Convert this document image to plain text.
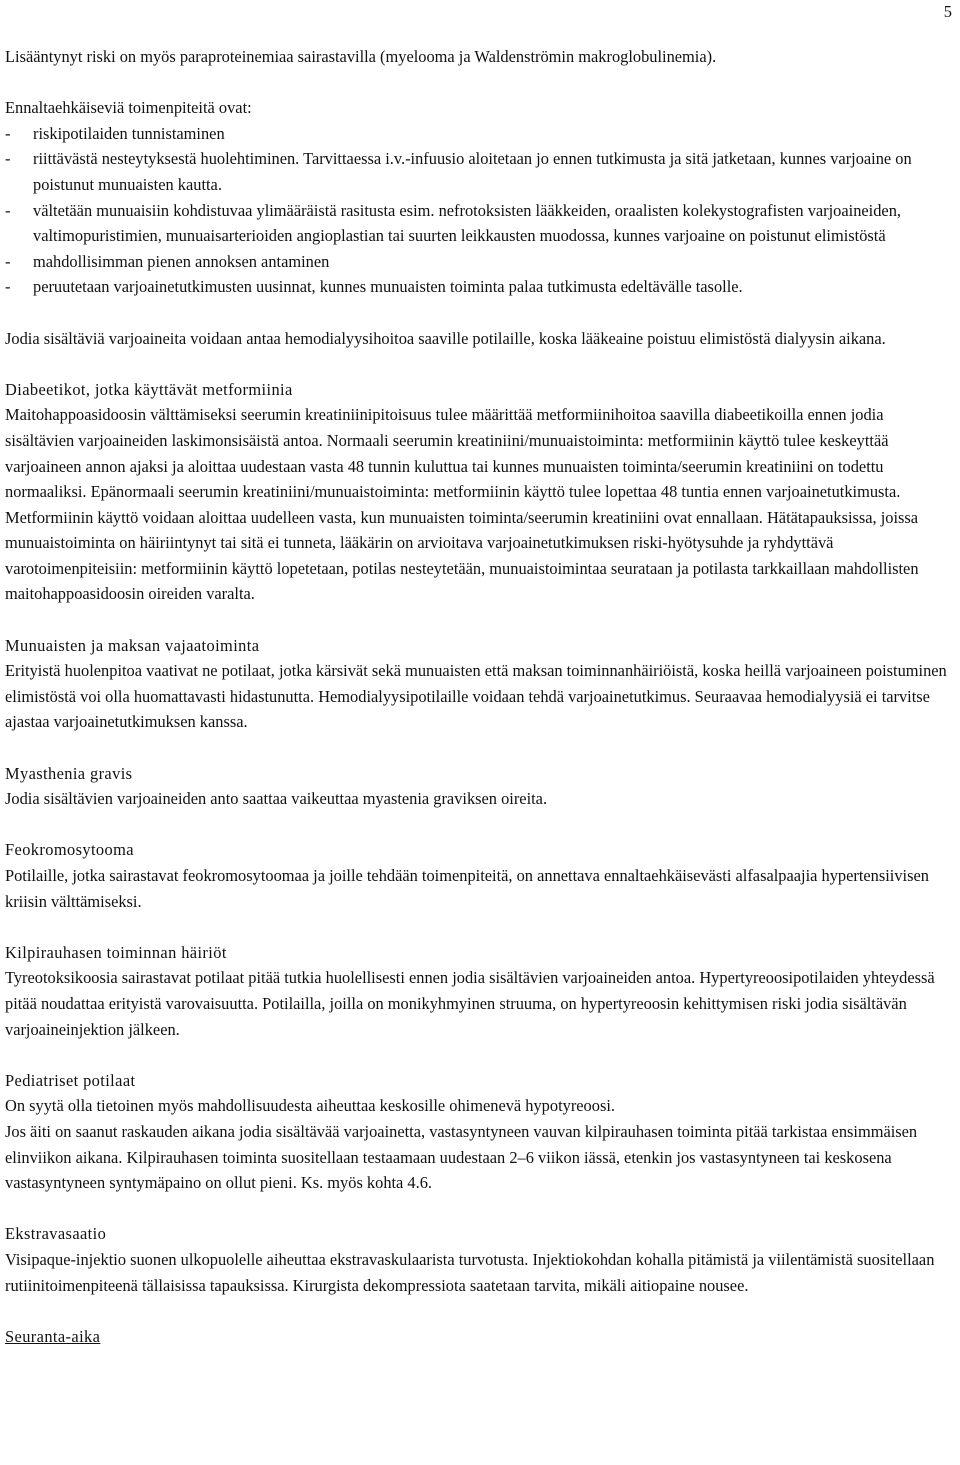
5

Lisääntynyt riski on myös paraproteinemiaa sairastavilla (myelooma ja Waldenströmin makroglobulinemia).

Ennaltaehkäiseviä toimenpiteitä ovat:

- riskipotilaiden tunnistaminen
- riittävästä nesteytyksestä huolehtiminen. Tarvittaessa i.v.-infuusio aloitetaan jo ennen tutkimusta ja sitä jatketaan, kunnes varjoaine on poistunut munuaisten kautta.
- vältetään munuaisiin kohdistuvaa ylimääräistä rasitusta esim. nefrotoksisten lääkkeiden, oraalisten kolekystografisten varjoaineiden, valtimopuristimien, munuaisarterioiden angioplastian tai suurten leikkausten muodossa, kunnes varjoaine on poistunut elimistöstä
- mahdollisimman pienen annoksen antaminen
- peruutetaan varjoainetutkimusten uusinnat, kunnes munuaisten toiminta palaa tutkimusta edeltävälle tasolle.

Jodia sisältäviä varjoaineita voidaan antaa hemodialyysihoitoa saaville potilaille, koska lääkeaine poistuu elimistöstä dialyysin aikana.

Diabeetikot, jotka käyttävät metformiinia

Maitohappoasidoosin välttämiseksi seerumin kreatiniinipitoisuus tulee määrittää metformiinihoitoa saavilla diabeetikoilla ennen jodia sisältävien varjoaineiden laskimonsisäistä antoa. Normaali seerumin kreatiniini/munuaistoiminta: metformiinin käyttö tulee keskeyttää varjoaineen annon ajaksi ja aloittaa uudestaan vasta 48 tunnin kuluttua tai kunnes munuaisten toiminta/seerumin kreatiniini on todettu normaaliksi. Epänormaali seerumin kreatiniini/munuaistoiminta: metformiinin käyttö tulee lopettaa 48 tuntia ennen varjoainetutkimusta. Metformiinin käyttö voidaan aloittaa uudelleen vasta, kun munuaisten toiminta/seerumin kreatiniini ovat ennallaan. Hätätapauksissa, joissa munuaistoiminta on häiriintynyt tai sitä ei tunneta, lääkärin on arvioitava varjoainetutkimuksen riski-hyötysuhde ja ryhdyttävä varotoimenpiteisiin: metformiinin käyttö lopetetaan, potilas nesteytetään, munuaistoimintaa seurataan ja potilasta tarkkaillaan mahdollisten maitohappoasidoosin oireiden varalta.

Munuaisten ja maksan vajaatoiminta

Erityistä huolenpitoa vaativat ne potilaat, jotka kärsivät sekä munuaisten että maksan toiminnanhäiriöistä, koska heillä varjoaineen poistuminen elimistöstä voi olla huomattavasti hidastunutta. Hemodialyysipotilaille voidaan tehdä varjoainetutkimus. Seuraavaa hemodialyysiä ei tarvitse ajastaa varjoainetutkimuksen kanssa.

Myasthenia gravis

Jodia sisältävien varjoaineiden anto saattaa vaikeuttaa myastenia graviksen oireita.

Feokromosytooma

Potilaille, jotka sairastavat feokromosytoomaa ja joille tehdään toimenpiteitä, on annettava ennaltaehkäisevästi alfasalpaajia hypertensiivisen kriisin välttämiseksi.

Kilpirauhasen toiminnan häiriöt

Tyreotoksikoosia sairastavat potilaat pitää tutkia huolellisesti ennen jodia sisältävien varjoaineiden antoa. Hypertyreoosipotilaiden yhteydessä pitää noudattaa erityistä varovaisuutta. Potilailla, joilla on monikyhmyinen struuma, on hypertyreoosin kehittymisen riski jodia sisältävän varjoaineinjektion jälkeen.

Pediatriset potilaat

On syytä olla tietoinen myös mahdollisuudesta aiheuttaa keskosille ohimenevä hypotyreoosi.

Jos äiti on saanut raskauden aikana jodia sisältävää varjoainetta, vastasyntyneen vauvan kilpirauhasen toiminta pitää tarkistaa ensimmäisen elinviikon aikana. Kilpirauhasen toiminta suositellaan testaamaan uudestaan 2–6 viikon iässä, etenkin jos vastasyntyneen tai keskosena vastasyntyneen syntymäpaino on ollut pieni. Ks. myös kohta 4.6.

Ekstravasaatio

Visipaque-injektio suonen ulkopuolelle aiheuttaa ekstravaskulaarista turvotusta. Injektiokohdan kohalla pitämistä ja viilentämistä suositellaan rutiinitoimenpiteenä tällaisissa tapauksissa. Kirurgista dekompressiota saatetaan tarvita, mikäli aitiopaine nousee.

Seuranta-aika
